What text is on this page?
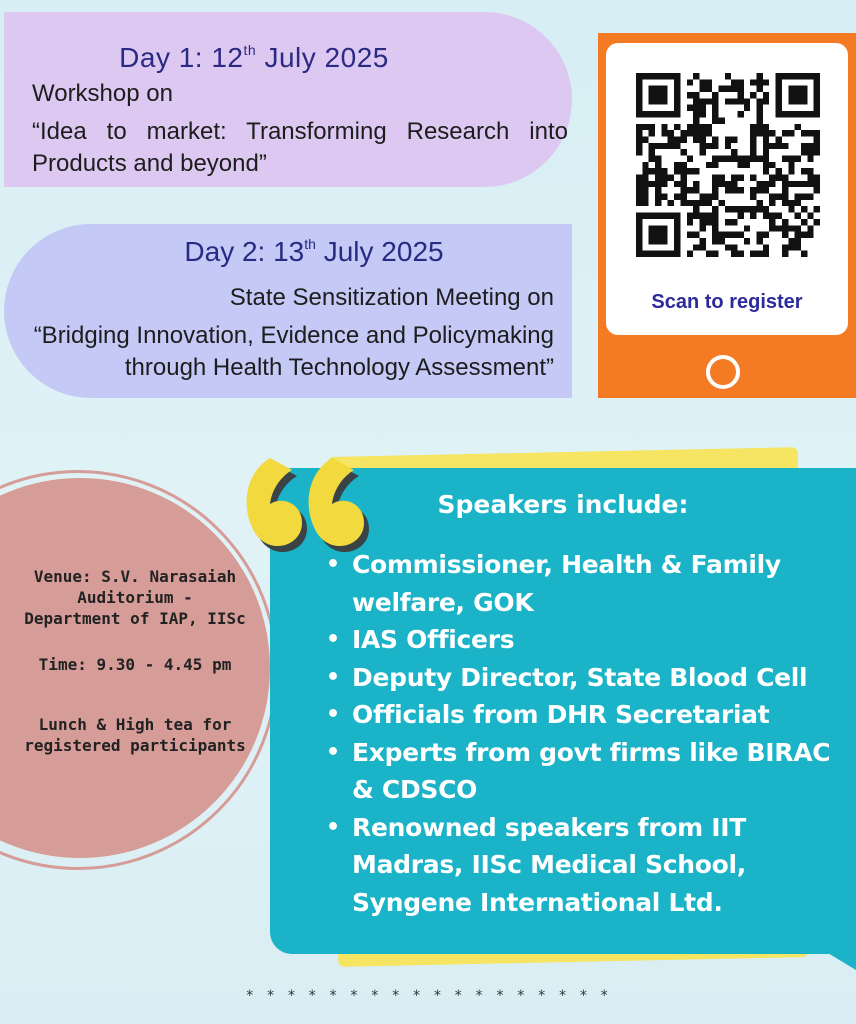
Day 1: 12th July 2025
Workshop on
“Idea to market: Transforming Research into Products and beyond”
Day 2: 13th July 2025
State Sensitization Meeting on
“Bridging Innovation, Evidence and Policymaking
through Health Technology Assessment”
Scan to register
Venue: S.V. Narasaiah
Auditorium -
Department of IAP, IISc
Time: 9.30 - 4.45 pm
Lunch & High tea for
registered participants
Speakers include:
• Commissioner, Health & Family welfare, GOK
• IAS Officers
• Deputy Director, State Blood Cell
• Officials from DHR Secretariat
• Experts from govt firms like BIRAC & CDSCO
• Renowned speakers from IIT Madras, IISc Medical School, Syngene International Ltd.
* * * * * * * * * * * * * * * * * *
